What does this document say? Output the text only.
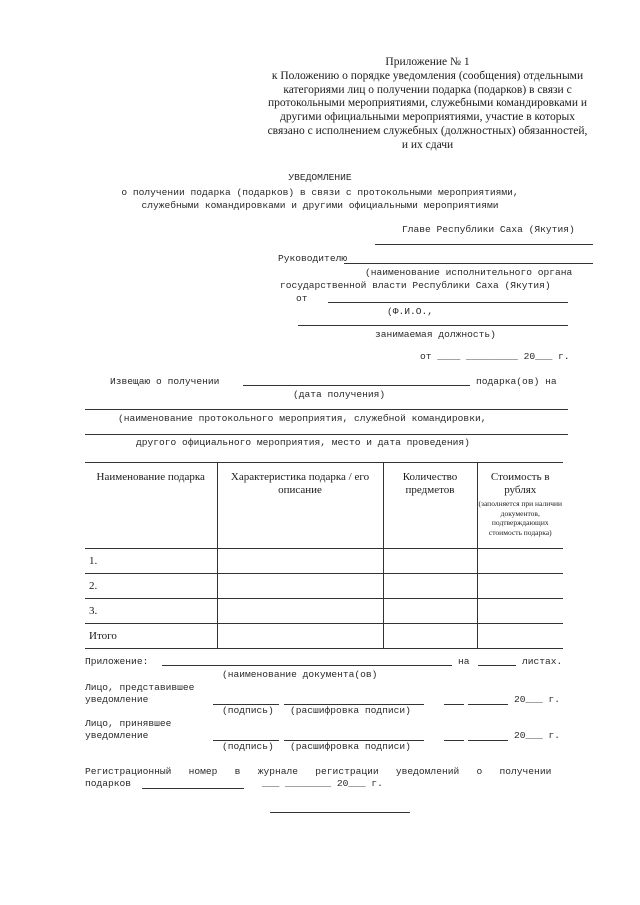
Приложение № 1
к Положению о порядке уведомления (сообщения) отдельными
категориями лиц о получении подарка (подарков) в связи с
протокольными мероприятиями, служебными командировками и
другими официальными мероприятиями, участие в которых
связано с исполнением служебных (должностных) обязанностей,
и их сдачи
УВЕДОМЛЕНИЕ
о получении подарка (подарков) в связи с протокольными мероприятиями,
служебными командировками и другими официальными мероприятиями
Главе Республики Саха (Якутия)
Руководителю
(наименование исполнительного органа
государственной власти Республики Саха (Якутия)
от
(Ф.И.О.,
занимаемая должность)
от ____ _________ 20___ г.
Извещаю о получении	подарка(ов) на
(дата получения)
(наименование протокольного мероприятия, служебной командировки,
другого официального мероприятия, место и дата проведения)
Наименование подарка	Характеристика подарка / его описание	Количество предметов	Стоимость в рублях
(заполняется при наличии документов, подтверждающих стоимость подарка)

1.			
2.			
3.			
Итого			
Приложение:	на	листах.
(наименование документа(ов)
Лицо, представившее
уведомление	20___ г.
(подпись) (расшифровка подписи)
Лицо, принявшее
уведомление	20___ г.
(подпись) (расшифровка подписи)
Регистрационный   номер   в   журнале   регистрации   уведомлений   о   получении
подарков	___ ________ 20___ г.
